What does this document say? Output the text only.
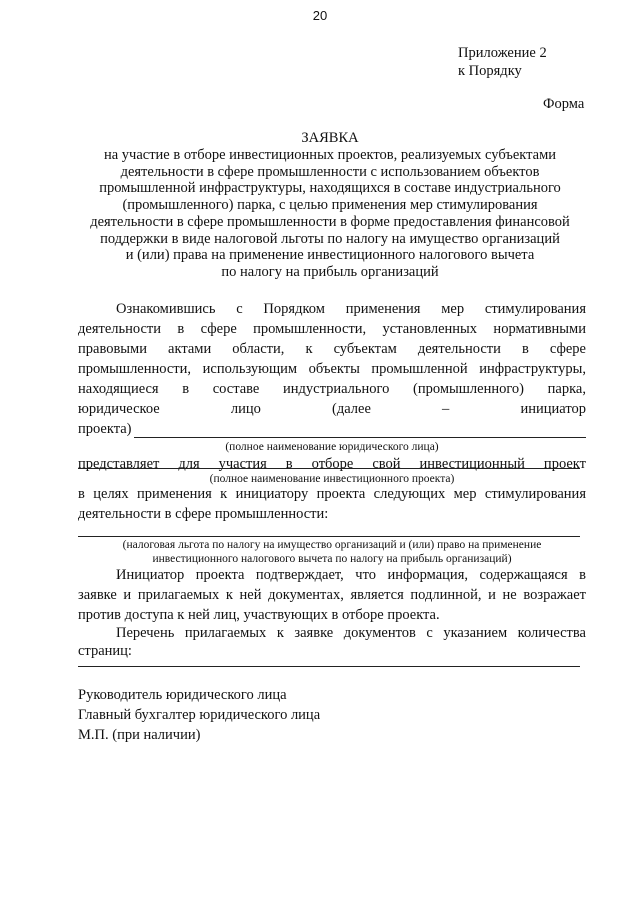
20
Приложение 2
к Порядку
Форма
ЗАЯВКА
на участие в отборе инвестиционных проектов, реализуемых субъектами
деятельности в сфере промышленности с использованием объектов
промышленной инфраструктуры, находящихся в составе индустриального
(промышленного) парка, с целью применения мер стимулирования
деятельности в сфере промышленности в форме предоставления финансовой
поддержки в виде налоговой льготы по налогу на имущество организаций
и (или) права на применение инвестиционного налогового вычета
по налогу на прибыль организаций
Ознакомившись с Порядком применения мер стимулирования
деятельности в сфере промышленности, установленных нормативными
правовыми актами области, к субъектам деятельности в сфере
промышленности, использующим объекты промышленной инфраструктуры,
находящиеся в составе индустриального (промышленного) парка,
юридическое лицо (далее – инициатор
проекта)
(полное наименование юридического лица)
представляет для участия в отборе свой инвестиционный проект
(полное наименование инвестиционного проекта)
в целях применения к инициатору проекта следующих мер стимулирования
деятельности в сфере промышленности:
(налоговая льгота по налогу на имущество организаций и (или) право на применение
инвестиционного налогового вычета по налогу на прибыль организаций)
Инициатор проекта подтверждает, что информация, содержащаяся в
заявке и прилагаемых к ней документах, является подлинной, и не возражает
против доступа к ней лиц, участвующих в отборе проекта.
Перечень прилагаемых к заявке документов с указанием количества
страниц:
Руководитель юридического лица
Главный бухгалтер юридического лица
М.П. (при наличии)
